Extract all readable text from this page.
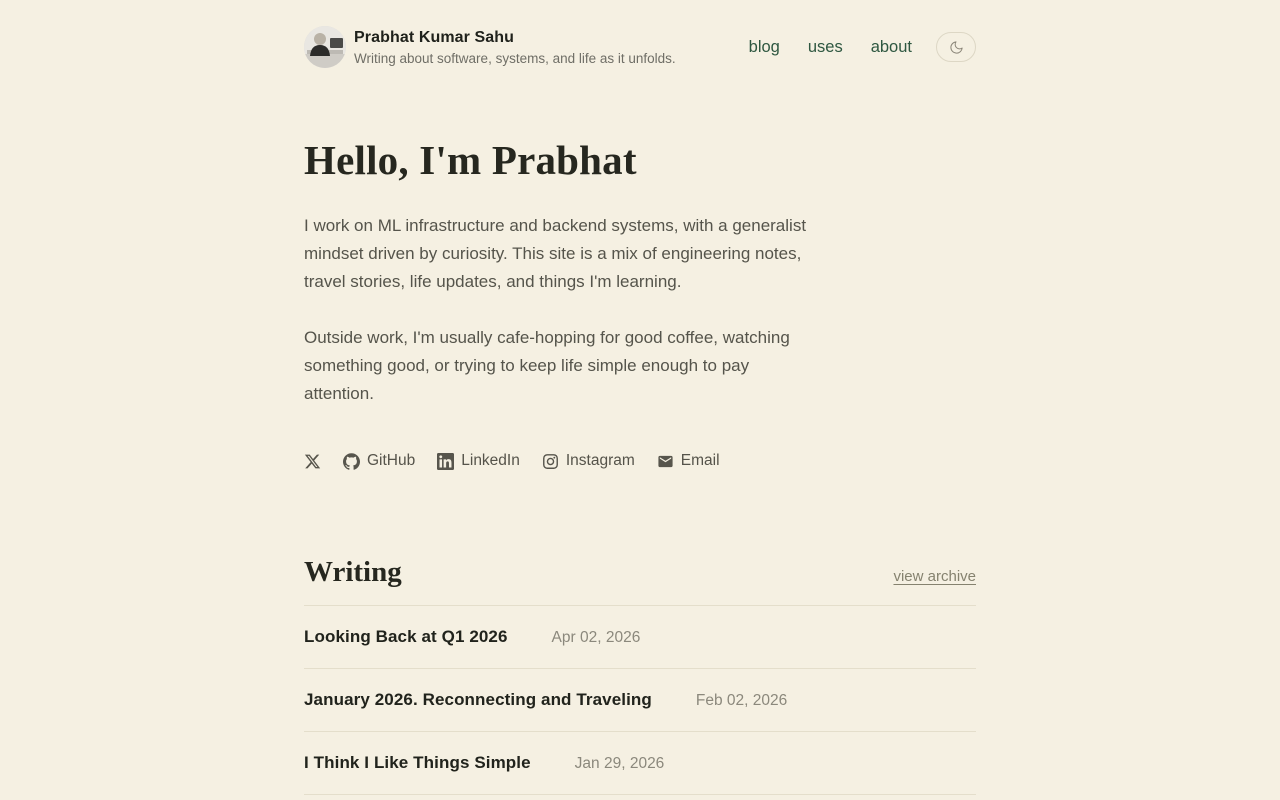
Prabhat Kumar Sahu
Writing about software, systems, and life as it unfolds.
blog uses about
Hello, I'm Prabhat

I work on ML infrastructure and backend systems, with a generalist mindset driven by curiosity. This site is a mix of engineering notes, travel stories, life updates, and things I'm learning.

Outside work, I'm usually cafe-hopping for good coffee, watching something good, or trying to keep life simple enough to pay attention.

GitHub	LinkedIn	Instagram	Email
Writing	view archive
Looking Back at Q1 2026	Apr 02, 2026
January 2026. Reconnecting and Traveling	Feb 02, 2026
I Think I Like Things Simple	Jan 29, 2026
